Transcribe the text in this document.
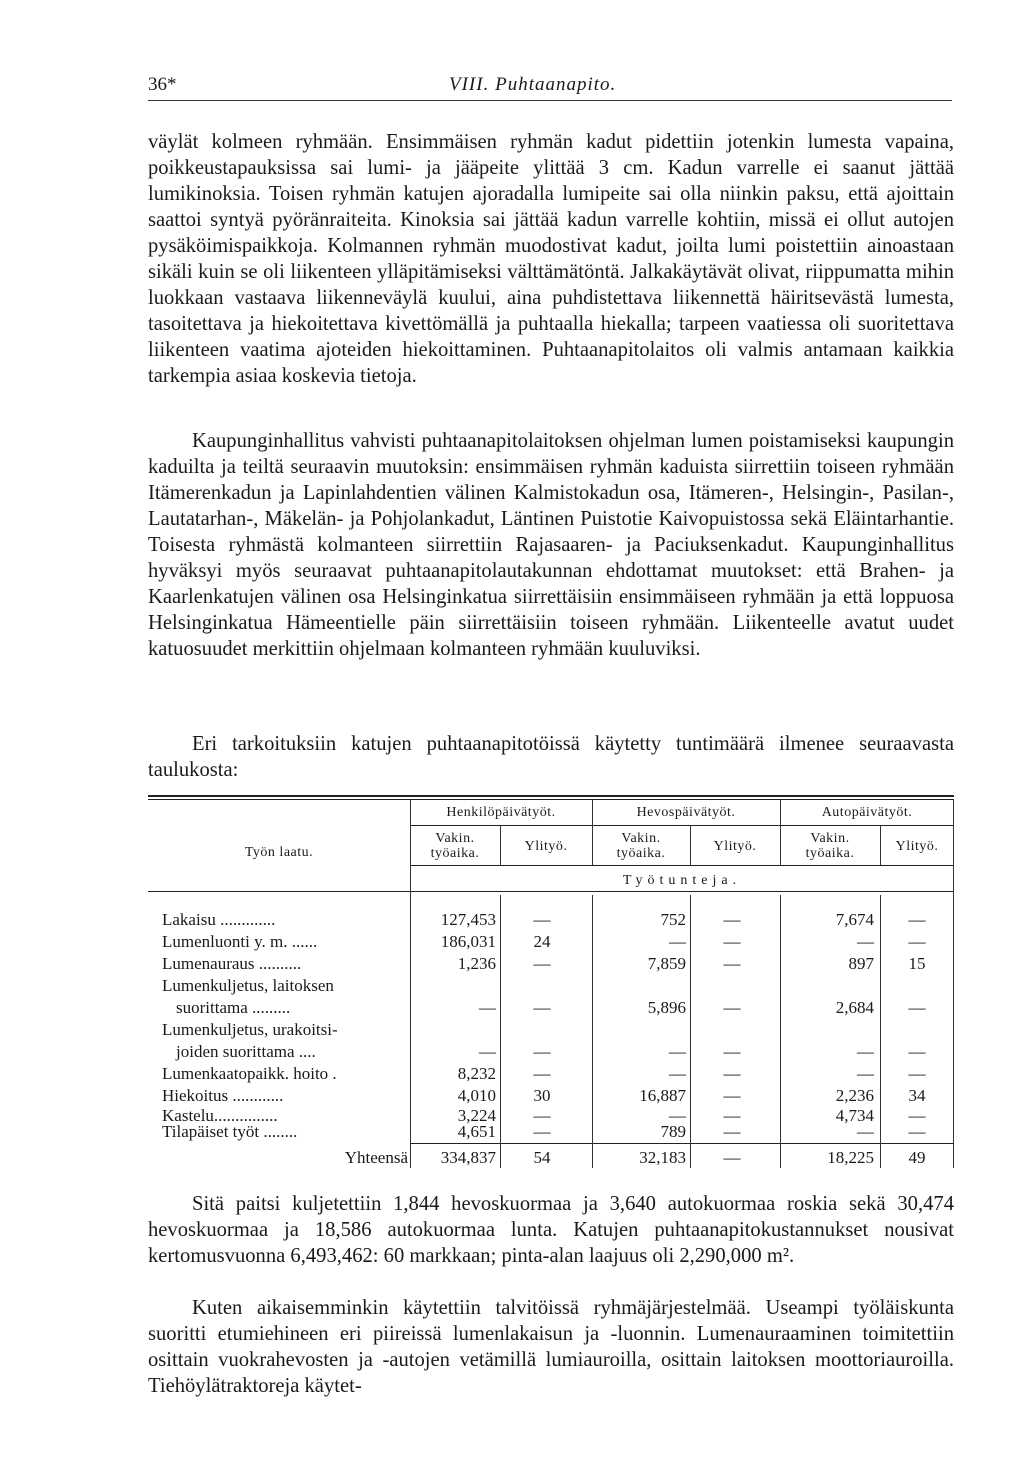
36*	VIII. Puhtaanapito.

väylät kolmeen ryhmään. Ensimmäisen ryhmän kadut pidettiin jotenkin lumesta vapaina, poikkeustapauksissa sai lumi- ja jääpeite ylittää 3 cm. Kadun varrelle ei saanut jättää lumikinoksia. Toisen ryhmän katujen ajoradalla lumipeite sai olla niinkin paksu, että ajoittain saattoi syntyä pyöränraiteita. Kinoksia sai jättää kadun varrelle kohtiin, missä ei ollut autojen pysäköimispaikkoja. Kolmannen ryhmän muodostivat kadut, joilta lumi poistettiin ainoastaan sikäli kuin se oli liikenteen ylläpitämiseksi välttämätöntä. Jalkakäytävät olivat, riippumatta mihin luokkaan vastaava liikenneväylä kuului, aina puhdistettava liikennettä häiritsevästä lumesta, tasoitettava ja hiekoitettava kivettömällä ja puhtaalla hiekalla; tarpeen vaatiessa oli suoritettava liikenteen vaatima ajoteiden hiekoittaminen. Puhtaanapitolaitos oli valmis antamaan kaikkia tarkempia asiaa koskevia tietoja.

Kaupunginhallitus vahvisti puhtaanapitolaitoksen ohjelman lumen poistamiseksi kaupungin kaduilta ja teiltä seuraavin muutoksin: ensimmäisen ryhmän kaduista siirrettiin toiseen ryhmään Itämerenkadun ja Lapinlahdentien välinen Kalmistokadun osa, Itämeren-, Helsingin-, Pasilan-, Lautatarhan-, Mäkelän- ja Pohjolankadut, Läntinen Puistotie Kaivopuistossa sekä Eläintarhantie. Toisesta ryhmästä kolmanteen siirrettiin Rajasaaren- ja Paciuksenkadut. Kaupunginhallitus hyväksyi myös seuraavat puhtaanapitolautakunnan ehdottamat muutokset: että Brahen- ja Kaarlenkatujen välinen osa Helsinginkatua siirrettäisiin ensimmäiseen ryhmään ja että loppuosa Helsinginkatua Hämeentielle päin siirrettäisiin toiseen ryhmään. Liikenteelle avatut uudet katuosuudet merkittiin ohjelmaan kolmanteen ryhmään kuuluviksi.

Eri tarkoituksiin katujen puhtaanapitotöissä käytetty tuntimäärä ilmenee seuraavasta taulukosta:

Työn laatu.
Henkilöpäivätyöt.	Hevospäivätyöt.	Autopäivätyöt.
Vakin.
työaika.	Ylityö.
Vakin.
työaika.	Ylityö.
Vakin.
työaika.	Ylityö.
Työtunteja.
Lakaisu .............	127,453	—	752	—	7,674	—
Lumenluonti y. m. ......	186,031	24	—	—	—	—
Lumenauraus ..........	1,236	—	7,859	—	897	15
Lumenkuljetus, laitoksen
suorittama .........	—	—	5,896	—	2,684	—
Lumenkuljetus, urakoitsi-
joiden suorittama ....	—	—	—	—	—	—
Lumenkaatopaikk. hoito .	8,232	—	—	—	—	—
Hiekoitus ............	4,010	30	16,887	—	2,236	34
Kastelu...............	3,224	—	—	—	4,734	—
Tilapäiset työt ........	4,651	—	789	—	—	—
Yhteensä	334,837	54	32,183	—	18,225	49

Sitä paitsi kuljetettiin 1,844 hevoskuormaa ja 3,640 autokuormaa roskia sekä 30,474 hevoskuormaa ja 18,586 autokuormaa lunta. Katujen puhtaanapitokustannukset nousivat kertomusvuonna 6,493,462: 60 markkaan; pinta-alan laajuus oli 2,290,000 m².

Kuten aikaisemminkin käytettiin talvitöissä ryhmäjärjestelmää. Useampi työläiskunta suoritti etumiehineen eri piireissä lumenlakaisun ja -luonnin. Lumenauraaminen toimitettiin osittain vuokrahevosten ja -autojen vetämillä lumiauroilla, osittain laitoksen moottoriauroilla. Tiehöylätraktoreja käytet-
